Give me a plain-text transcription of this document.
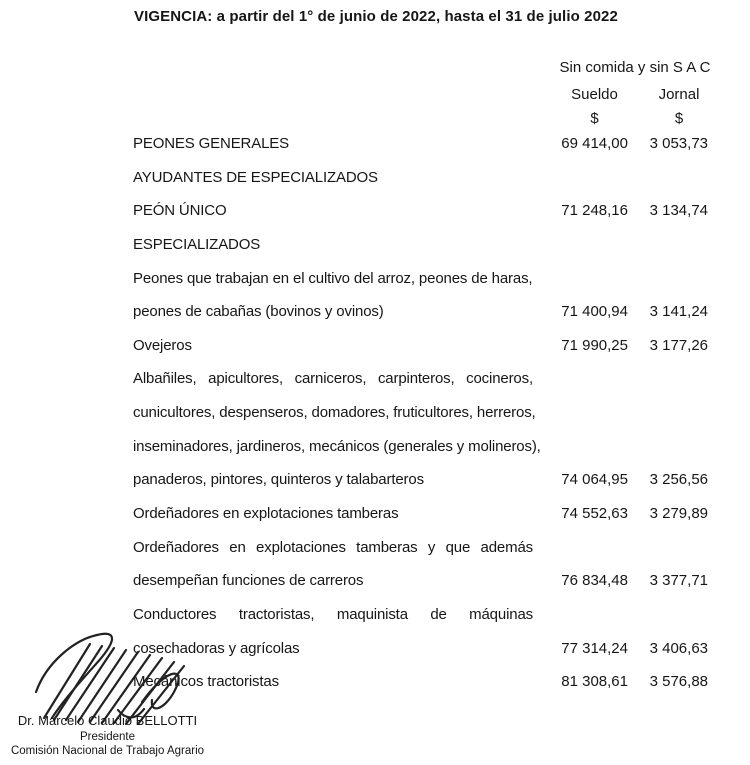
VIGENCIA: a partir del 1° de junio de 2022, hasta el 31 de julio 2022
Sin comida y sin S A C
Sueldo	Jornal
$	$
PEONES GENERALES	69 414,00	3 053,73
AYUDANTES DE ESPECIALIZADOS
PEÓN ÚNICO	71 248,16	3 134,74
ESPECIALIZADOS
Peones que trabajan en el cultivo del arroz, peones de haras,
peones de cabañas (bovinos y ovinos)	71 400,94	3 141,24
Ovejeros	71 990,25	3 177,26
Albañiles, apicultores, carniceros, carpinteros, cocineros,
cunicultores, despenseros, domadores, fruticultores, herreros,
inseminadores, jardineros, mecánicos (generales y molineros),
panaderos, pintores, quinteros y talabarteros	74 064,95	3 256,56
Ordeñadores en explotaciones tamberas	74 552,63	3 279,89
Ordeñadores en explotaciones tamberas y que además
desempeñan funciones de carreros	76 834,48	3 377,71
Conductores tractoristas, maquinista de máquinas
cosechadoras y agrícolas	77 314,24	3 406,63
Mecánicos tractoristas	81 308,61	3 576,88
Dr. Marcelo Claudio BELLOTTI
Presidente
Comisión Nacional de Trabajo Agrario
